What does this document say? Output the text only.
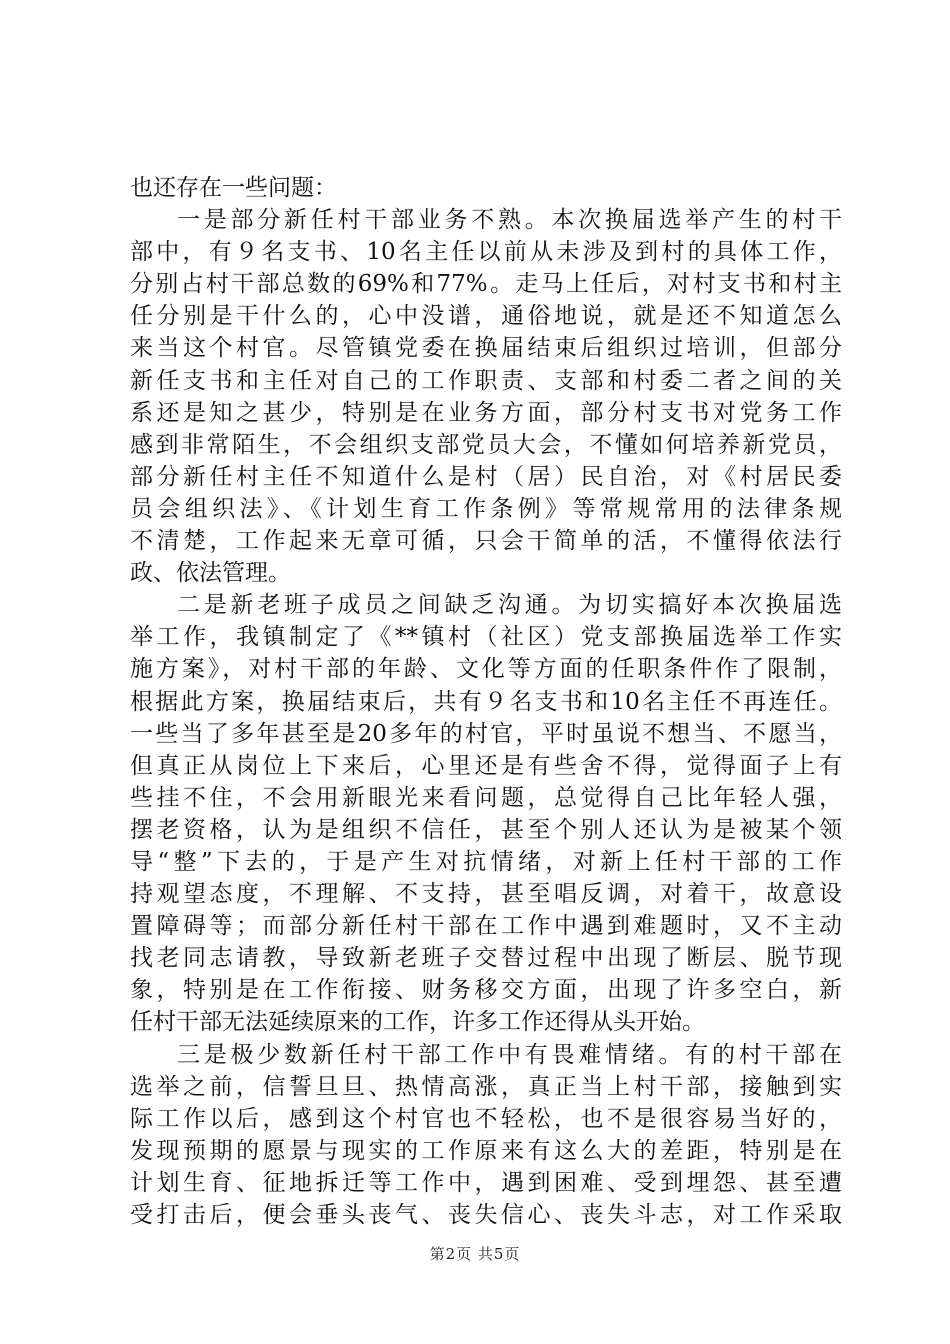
也还存在一些问题：
一是部分新任村干部业务不熟。本次换届选举产生的村干
部中，有９名支书、10名主任以前从未涉及到村的具体工作，
分别占村干部总数的69%和77%。走马上任后，对村支书和村主
任分别是干什么的，心中没谱，通俗地说，就是还不知道怎么
来当这个村官。尽管镇党委在换届结束后组织过培训，但部分
新任支书和主任对自己的工作职责、支部和村委二者之间的关
系还是知之甚少，特别是在业务方面，部分村支书对党务工作
感到非常陌生，不会组织支部党员大会，不懂如何培养新党员，
部分新任村主任不知道什么是村（居）民自治，对《村居民委
员会组织法》、《计划生育工作条例》等常规常用的法律条规
不清楚，工作起来无章可循，只会干简单的活，不懂得依法行
政、依法管理。
二是新老班子成员之间缺乏沟通。为切实搞好本次换届选
举工作，我镇制定了《**镇村（社区）党支部换届选举工作实
施方案》，对村干部的年龄、文化等方面的任职条件作了限制，
根据此方案，换届结束后，共有９名支书和10名主任不再连任。
一些当了多年甚至是20多年的村官，平时虽说不想当、不愿当，
但真正从岗位上下来后，心里还是有些舍不得，觉得面子上有
些挂不住，不会用新眼光来看问题，总觉得自己比年轻人强，
摆老资格，认为是组织不信任，甚至个别人还认为是被某个领
导“整”下去的，于是产生对抗情绪，对新上任村干部的工作
持观望态度，不理解、不支持，甚至唱反调，对着干，故意设
置障碍等；而部分新任村干部在工作中遇到难题时，又不主动
找老同志请教，导致新老班子交替过程中出现了断层、脱节现
象，特别是在工作衔接、财务移交方面，出现了许多空白，新
任村干部无法延续原来的工作，许多工作还得从头开始。
三是极少数新任村干部工作中有畏难情绪。有的村干部在
选举之前，信誓旦旦、热情高涨，真正当上村干部，接触到实
际工作以后，感到这个村官也不轻松，也不是很容易当好的，
发现预期的愿景与现实的工作原来有这么大的差距，特别是在
计划生育、征地拆迁等工作中，遇到困难、受到埋怨、甚至遭
受打击后，便会垂头丧气、丧失信心、丧失斗志，对工作采取
第2页 共5页
